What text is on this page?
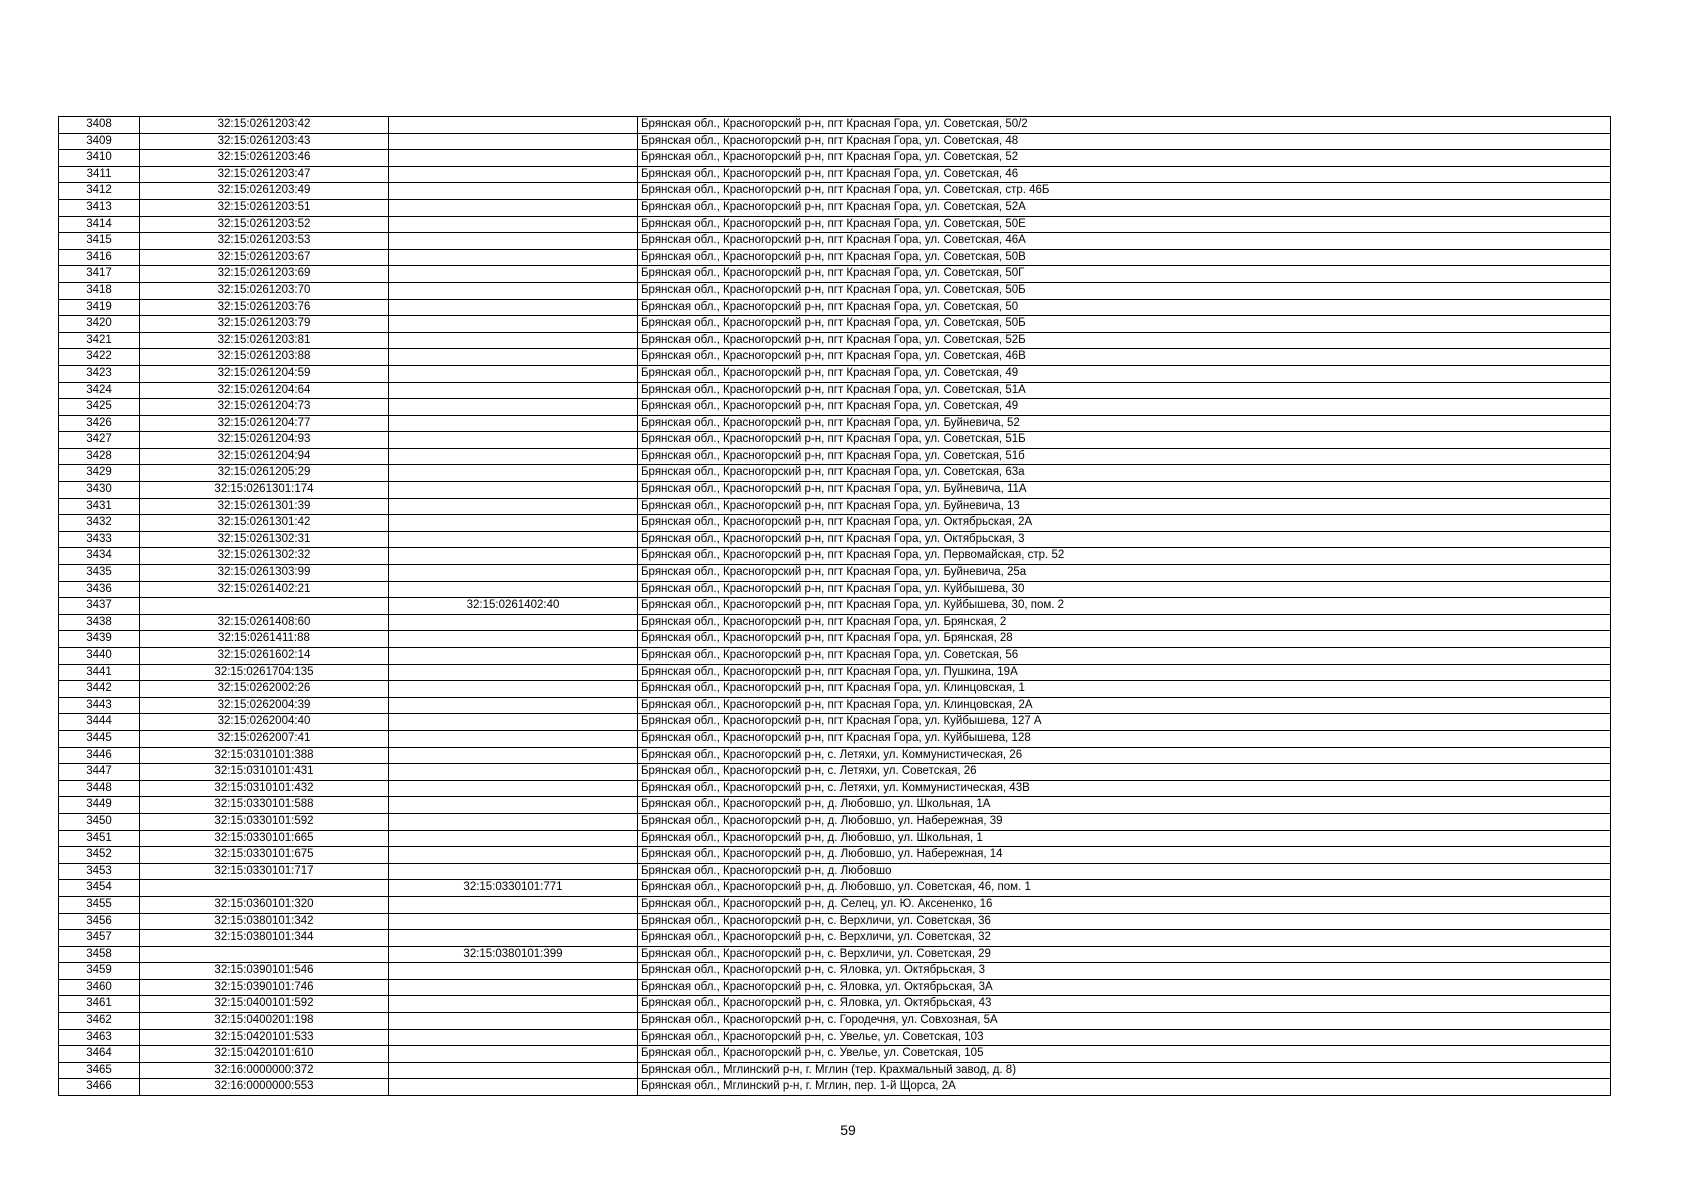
3408	32:15:0261203:42		Брянская обл., Красногорский р-н, пгт Красная Гора, ул. Советская, 50/2
3409	32:15:0261203:43		Брянская обл., Красногорский р-н, пгт Красная Гора, ул. Советская, 48
3410	32:15:0261203:46		Брянская обл., Красногорский р-н, пгт Красная Гора, ул. Советская, 52
3411	32:15:0261203:47		Брянская обл., Красногорский р-н, пгт Красная Гора, ул. Советская, 46
3412	32:15:0261203:49		Брянская обл., Красногорский р-н, пгт Красная Гора, ул. Советская, стр. 46Б
3413	32:15:0261203:51		Брянская обл., Красногорский р-н, пгт Красная Гора, ул. Советская, 52А
3414	32:15:0261203:52		Брянская обл., Красногорский р-н, пгт Красная Гора, ул. Советская, 50Е
3415	32:15:0261203:53		Брянская обл., Красногорский р-н, пгт Красная Гора, ул. Советская, 46А
3416	32:15:0261203:67		Брянская обл., Красногорский р-н, пгт Красная Гора, ул. Советская, 50В
3417	32:15:0261203:69		Брянская обл., Красногорский р-н, пгт Красная Гора, ул. Советская, 50Г
3418	32:15:0261203:70		Брянская обл., Красногорский р-н, пгт Красная Гора, ул. Советская, 50Б
3419	32:15:0261203:76		Брянская обл., Красногорский р-н, пгт Красная Гора, ул. Советская, 50
3420	32:15:0261203:79		Брянская обл., Красногорский р-н, пгт Красная Гора, ул. Советская, 50Б
3421	32:15:0261203:81		Брянская обл., Красногорский р-н, пгт Красная Гора, ул. Советская, 52Б
3422	32:15:0261203:88		Брянская обл., Красногорский р-н, пгт Красная Гора, ул. Советская, 46В
3423	32:15:0261204:59		Брянская обл., Красногорский р-н, пгт Красная Гора, ул. Советская, 49
3424	32:15:0261204:64		Брянская обл., Красногорский р-н, пгт Красная Гора, ул. Советская, 51А
3425	32:15:0261204:73		Брянская обл., Красногорский р-н, пгт Красная Гора, ул. Советская, 49
3426	32:15:0261204:77		Брянская обл., Красногорский р-н, пгт Красная Гора, ул. Буйневича, 52
3427	32:15:0261204:93		Брянская обл., Красногорский р-н, пгт Красная Гора, ул. Советская, 51Б
3428	32:15:0261204:94		Брянская обл., Красногорский р-н, пгт Красная Гора, ул. Советская, 51б
3429	32:15:0261205:29		Брянская обл., Красногорский р-н, пгт Красная Гора, ул. Советская, 63а
3430	32:15:0261301:174		Брянская обл., Красногорский р-н, пгт Красная Гора, ул. Буйневича, 11А
3431	32:15:0261301:39		Брянская обл., Красногорский р-н, пгт Красная Гора, ул. Буйневича, 13
3432	32:15:0261301:42		Брянская обл., Красногорский р-н, пгт Красная Гора, ул. Октябрьская, 2А
3433	32:15:0261302:31		Брянская обл., Красногорский р-н, пгт Красная Гора, ул. Октябрьская, 3
3434	32:15:0261302:32		Брянская обл., Красногорский р-н, пгт Красная Гора, ул. Первомайская, стр. 52
3435	32:15:0261303:99		Брянская обл., Красногорский р-н, пгт Красная Гора, ул. Буйневича, 25а
3436	32:15:0261402:21		Брянская обл., Красногорский р-н, пгт Красная Гора, ул. Куйбышева, 30
3437		32:15:0261402:40	Брянская обл., Красногорский р-н, пгт Красная Гора, ул. Куйбышева, 30, пом. 2
3438	32:15:0261408:60		Брянская обл., Красногорский р-н, пгт Красная Гора, ул. Брянская, 2
3439	32:15:0261411:88		Брянская обл., Красногорский р-н, пгт Красная Гора, ул. Брянская, 28
3440	32:15:0261602:14		Брянская обл., Красногорский р-н, пгт Красная Гора, ул. Советская, 56
3441	32:15:0261704:135		Брянская обл., Красногорский р-н, пгт Красная Гора, ул. Пушкина, 19А
3442	32:15:0262002:26		Брянская обл., Красногорский р-н, пгт Красная Гора, ул. Клинцовская, 1
3443	32:15:0262004:39		Брянская обл., Красногорский р-н, пгт Красная Гора, ул. Клинцовская, 2А
3444	32:15:0262004:40		Брянская обл., Красногорский р-н, пгт Красная Гора, ул. Куйбышева, 127 А
3445	32:15:0262007:41		Брянская обл., Красногорский р-н, пгт Красная Гора, ул. Куйбышева, 128
3446	32:15:0310101:388		Брянская обл., Красногорский р-н, с. Летяхи, ул. Коммунистическая, 26
3447	32:15:0310101:431		Брянская обл., Красногорский р-н, с. Летяхи, ул. Советская, 26
3448	32:15:0310101:432		Брянская обл., Красногорский р-н, с. Летяхи, ул. Коммунистическая, 43В
3449	32:15:0330101:588		Брянская обл., Красногорский р-н, д. Любовшо, ул. Школьная, 1А
3450	32:15:0330101:592		Брянская обл., Красногорский р-н, д. Любовшо, ул. Набережная, 39
3451	32:15:0330101:665		Брянская обл., Красногорский р-н, д. Любовшо, ул. Школьная, 1
3452	32:15:0330101:675		Брянская обл., Красногорский р-н, д. Любовшо, ул. Набережная, 14
3453	32:15:0330101:717		Брянская обл., Красногорский р-н, д. Любовшо
3454		32:15:0330101:771	Брянская обл., Красногорский р-н, д. Любовшо, ул. Советская, 46, пом. 1
3455	32:15:0360101:320		Брянская обл., Красногорский р-н, д. Селец, ул. Ю. Аксененко, 16
3456	32:15:0380101:342		Брянская обл., Красногорский р-н, с. Верхличи, ул. Советская, 36
3457	32:15:0380101:344		Брянская обл., Красногорский р-н, с. Верхличи, ул. Советская, 32
3458		32:15:0380101:399	Брянская обл., Красногорский р-н, с. Верхличи, ул. Советская, 29
3459	32:15:0390101:546		Брянская обл., Красногорский р-н, с. Яловка, ул. Октябрьская, 3
3460	32:15:0390101:746		Брянская обл., Красногорский р-н, с. Яловка, ул. Октябрьская, 3А
3461	32:15:0400101:592		Брянская обл., Красногорский р-н, с. Яловка, ул. Октябрьская, 43
3462	32:15:0400201:198		Брянская обл., Красногорский р-н, с. Городечня, ул. Совхозная, 5А
3463	32:15:0420101:533		Брянская обл., Красногорский р-н, с. Увелье, ул. Советская, 103
3464	32:15:0420101:610		Брянская обл., Красногорский р-н, с. Увелье, ул. Советская, 105
3465	32:16:0000000:372		Брянская обл., Мглинский р-н, г. Мглин (тер. Крахмальный завод, д. 8)
3466	32:16:0000000:553		Брянская обл., Мглинский р-н, г. Мглин, пер. 1-й Щорса, 2А
59
